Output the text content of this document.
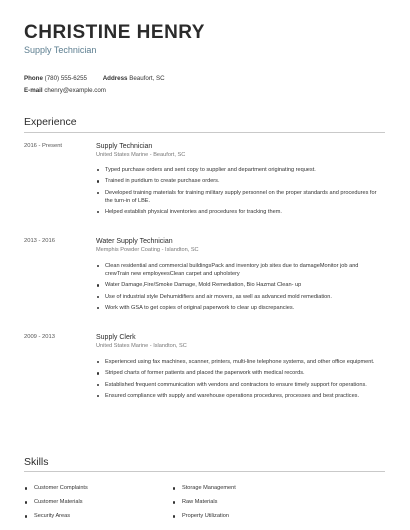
CHRISTINE HENRY
Supply Technician
Phone (780) 555-6255	Address Beaufort, SC
E-mail chenry@example.com
Experience
2016 - Present	Supply Technician
United States Marine - Beaufort, SC
Typed purchase orders and sent copy to supplier and department originating request.
Trained in puridium to create purchase orders.
Developed training materials for training military supply personnel on the proper standards and procedures for the turn-in of LBE.
Helped establish physical inventories and procedures for tracking them.
2013 - 2016	Water Supply Technician
Memphis Powder Coating - Islandton, SC
Clean residential and commercial buildingsPack and inventory job sites due to damageMonitor job and crewTrain new employeesClean carpet and upholstery
Water Damage,Fire/Smoke Damage, Mold Remediation, Bio Hazmat Clean- up
Use of industrial style Dehumidifiers and air movers, as well as advanced mold remediation.
Work with GSA to get copies of original paperwork to clear up discrepancies.
2009 - 2013	Supply Clerk
United States Marine - Islandton, SC
Experienced using fax machines, scanner, printers, multi-line telephone systems, and other office equipment.
Striped charts of former patients and placed the paperwork with medical records.
Established frequent communication with vendors and contractors to ensure timely support for operations.
Ensured compliance with supply and warehouse operations procedures, processes and best practices.
Skills
Customer Complaints
Customer Materials
Security Areas
Storage Management
Raw Materials
Property Utilization
